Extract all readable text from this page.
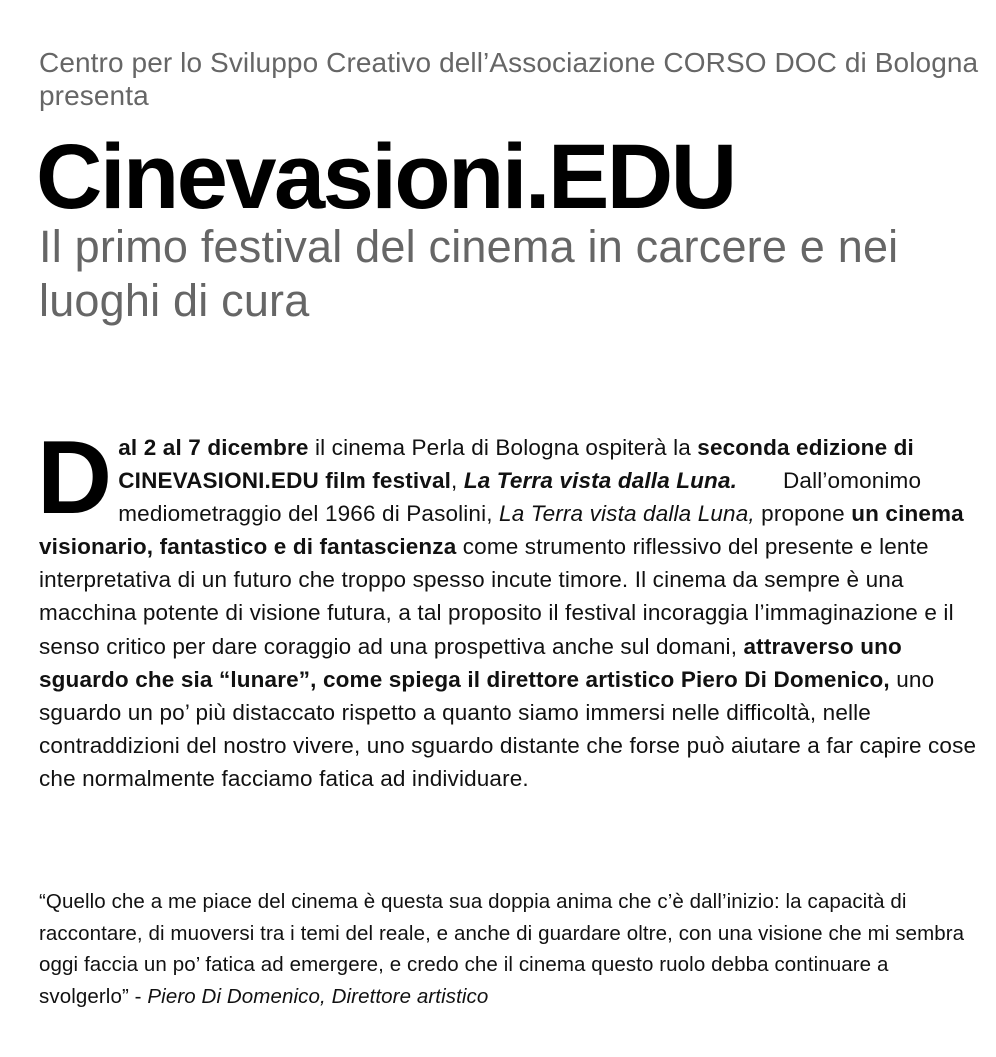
Centro per lo Sviluppo Creativo dell’Associazione CORSO DOC di Bologna presenta
Cinevasioni.EDU
Il primo festival del cinema in carcere e nei luoghi di cura
D al 2 al 7 dicembre il cinema Perla di Bologna ospiterà la seconda edizione di CINEVASIONI.EDU film festival, La Terra vista dalla Luna. Dall’omonimo mediometraggio del 1966 di Pasolini, La Terra vista dalla Luna, propone un cinema visionario, fantastico e di fantascienza come strumento riflessivo del presente e lente interpretativa di un futuro che troppo spesso incute timore. Il cinema da sempre è una macchina potente di visione futura, a tal proposito il festival incoraggia l’immaginazione e il senso critico per dare coraggio ad una prospettiva anche sul domani, attraverso uno sguardo che sia “lunare”, come spiega il direttore artistico Piero Di Domenico, uno sguardo un po’ più distaccato rispetto a quanto siamo immersi nelle difficoltà, nelle contraddizioni del nostro vivere, uno sguardo distante che forse può aiutare a far capire cose che normalmente facciamo fatica ad individuare.
“Quello che a me piace del cinema è questa sua doppia anima che c’è dall’inizio: la capacità di raccontare, di muoversi tra i temi del reale, e anche di guardare oltre, con una visione che mi sembra oggi faccia un po’ fatica ad emergere, e credo che il cinema questo ruolo debba continuare a svolgerlo” - Piero Di Domenico, Direttore artistico
